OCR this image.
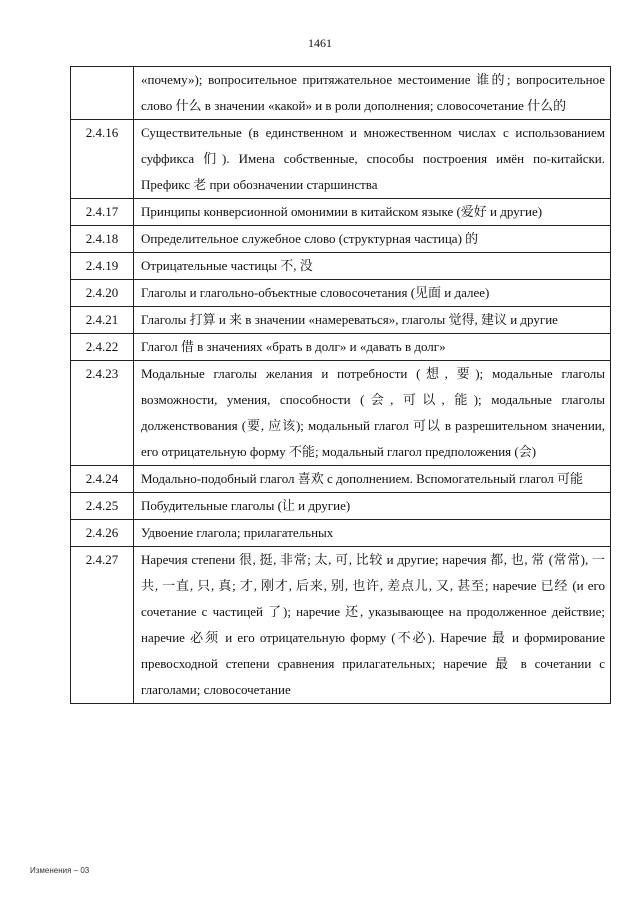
1461
	«почему»); вопросительное притяжательное местоимение 谁的; вопросительное слово 什么 в значении «какой» и в роли дополнения; словосочетание 什么的
2.4.16	Существительные (в единственном и множественном числах с использованием суффикса 们). Имена собственные, способы построения имён по-китайски. Префикс 老 при обозначении старшинства
2.4.17	Принципы конверсионной омонимии в китайском языке (爱好 и другие)
2.4.18	Определительное служебное слово (структурная частица) 的
2.4.19	Отрицательные частицы 不, 没
2.4.20	Глаголы и глагольно-объектные словосочетания (见面 и далее)
2.4.21	Глаголы 打算 и 来 в значении «намереваться», глаголы 觉得, 建议 и другие
2.4.22	Глагол 借 в значениях «брать в долг» и «давать в долг»
2.4.23	Модальные глаголы желания и потребности (想, 要); модальные глаголы возможности, умения, способности (会, 可以, 能); модальные глаголы долженствования (要, 应该); модальный глагол 可以 в разрешительном значении, его отрицательную форму 不能; модальный глагол предположения (会)
2.4.24	Модально-подобный глагол 喜欢 с дополнением. Вспомогательный глагол 可能
2.4.25	Побудительные глаголы (让 и другие)
2.4.26	Удвоение глагола; прилагательных
2.4.27	Наречия степени 很, 挺, 非常; 太, 可, 比较 и другие; наречия 都, 也, 常 (常常), 一共, 一直, 只, 真; 才, 刚才, 后来, 别, 也许, 差点儿, 又, 甚至; наречие 已经 (и его сочетание с частицей 了); наречие 还, указывающее на продолженное действие; наречие 必须 и его отрицательную форму (不必). Наречие 最 и формирование превосходной степени сравнения прилагательных; наречие 最 в сочетании с глаголами; словосочетание
Изменения – 03
